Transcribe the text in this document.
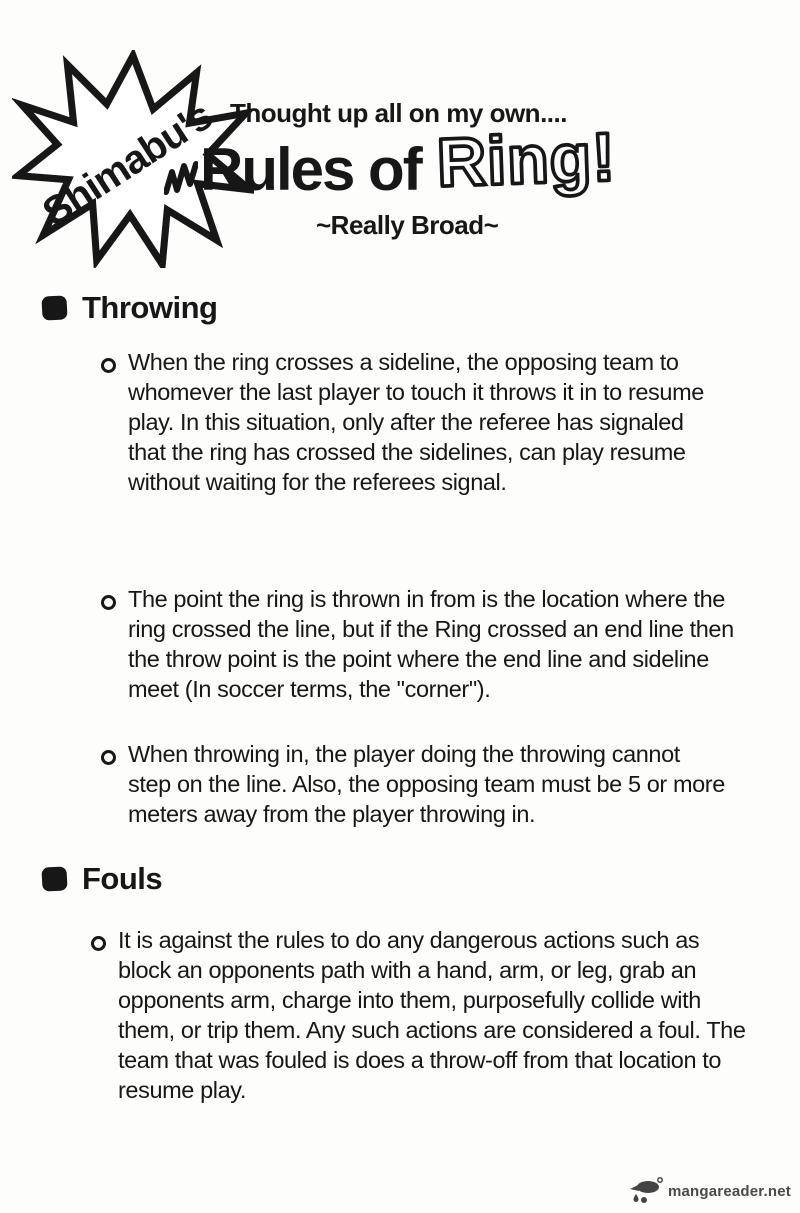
Shimabu's Thought up all on my own....
Rules of Ring!
~Really Broad~
Throwing

When the ring crosses a sideline, the opposing team to whomever the last player to touch it throws it in to resume play. In this situation, only after the referee has signaled that the ring has crossed the sidelines, can play resume without waiting for the referees signal.

The point the ring is thrown in from is the location where the ring crossed the line, but if the Ring crossed an end line then the throw point is the point where the end line and sideline meet (In soccer terms, the "corner").

When throwing in, the player doing the throwing cannot step on the line. Also, the opposing team must be 5 or more meters away from the player throwing in.

Fouls

It is against the rules to do any dangerous actions such as block an opponents path with a hand, arm, or leg, grab an opponents arm, charge into them, purposefully collide with them, or trip them. Any such actions are considered a foul. The team that was fouled is does a throw-off from that location to resume play.

mangareader.net
